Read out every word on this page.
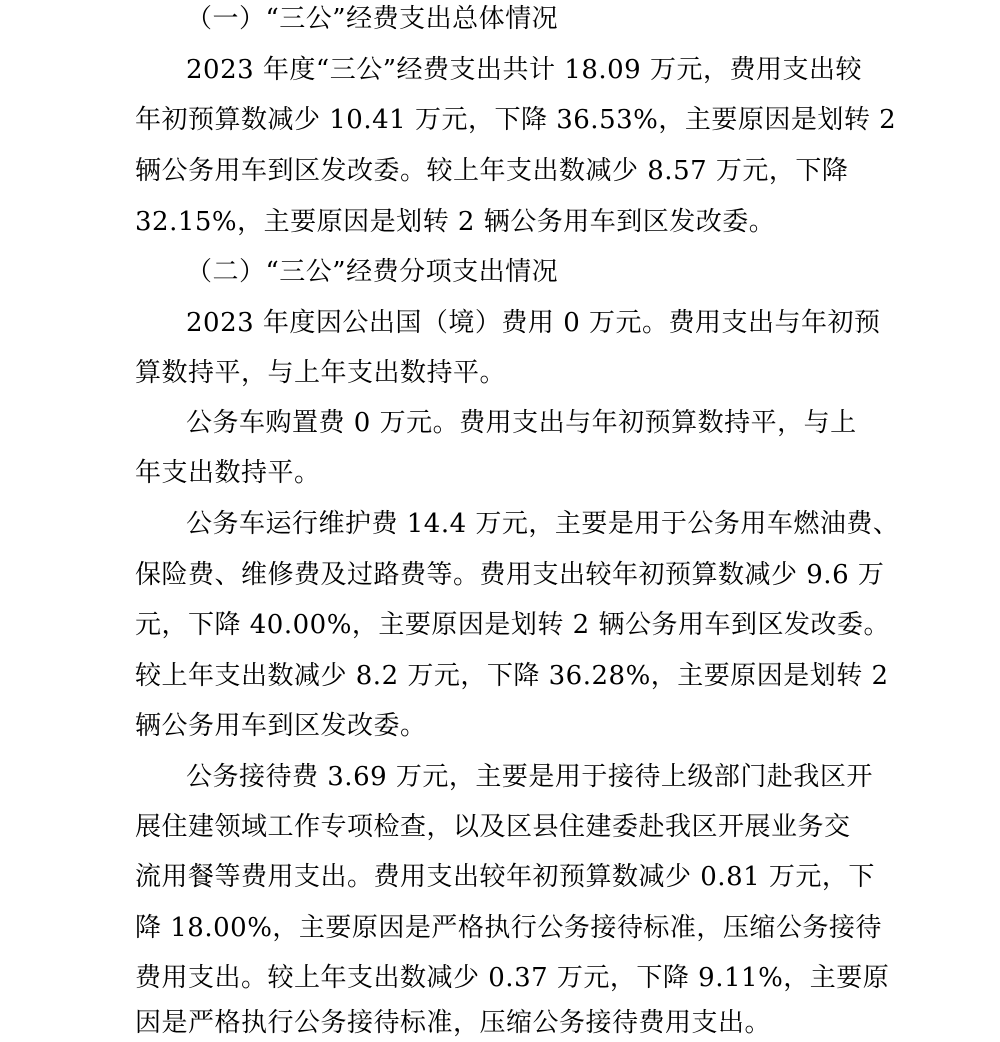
（一）“三公”经费支出总体情况
2023 年度“三公”经费支出共计 18.09 万元，费用支出较
年初预算数减少 10.41 万元，下降 36.53%，主要原因是划转 2
辆公务用车到区发改委。较上年支出数减少 8.57 万元，下降
32.15%，主要原因是划转 2 辆公务用车到区发改委。
（二）“三公”经费分项支出情况
2023 年度因公出国（境）费用 0 万元。费用支出与年初预
算数持平，与上年支出数持平。
公务车购置费 0 万元。费用支出与年初预算数持平，与上
年支出数持平。
公务车运行维护费 14.4 万元，主要是用于公务用车燃油费、
保险费、维修费及过路费等。费用支出较年初预算数减少 9.6 万
元，下降 40.00%，主要原因是划转 2 辆公务用车到区发改委。
较上年支出数减少 8.2 万元，下降 36.28%，主要原因是划转 2
辆公务用车到区发改委。
公务接待费 3.69 万元，主要是用于接待上级部门赴我区开
展住建领域工作专项检查，以及区县住建委赴我区开展业务交
流用餐等费用支出。费用支出较年初预算数减少 0.81 万元，下
降 18.00%，主要原因是严格执行公务接待标准，压缩公务接待
费用支出。较上年支出数减少 0.37 万元，下降 9.11%，主要原
因是严格执行公务接待标准，压缩公务接待费用支出。
